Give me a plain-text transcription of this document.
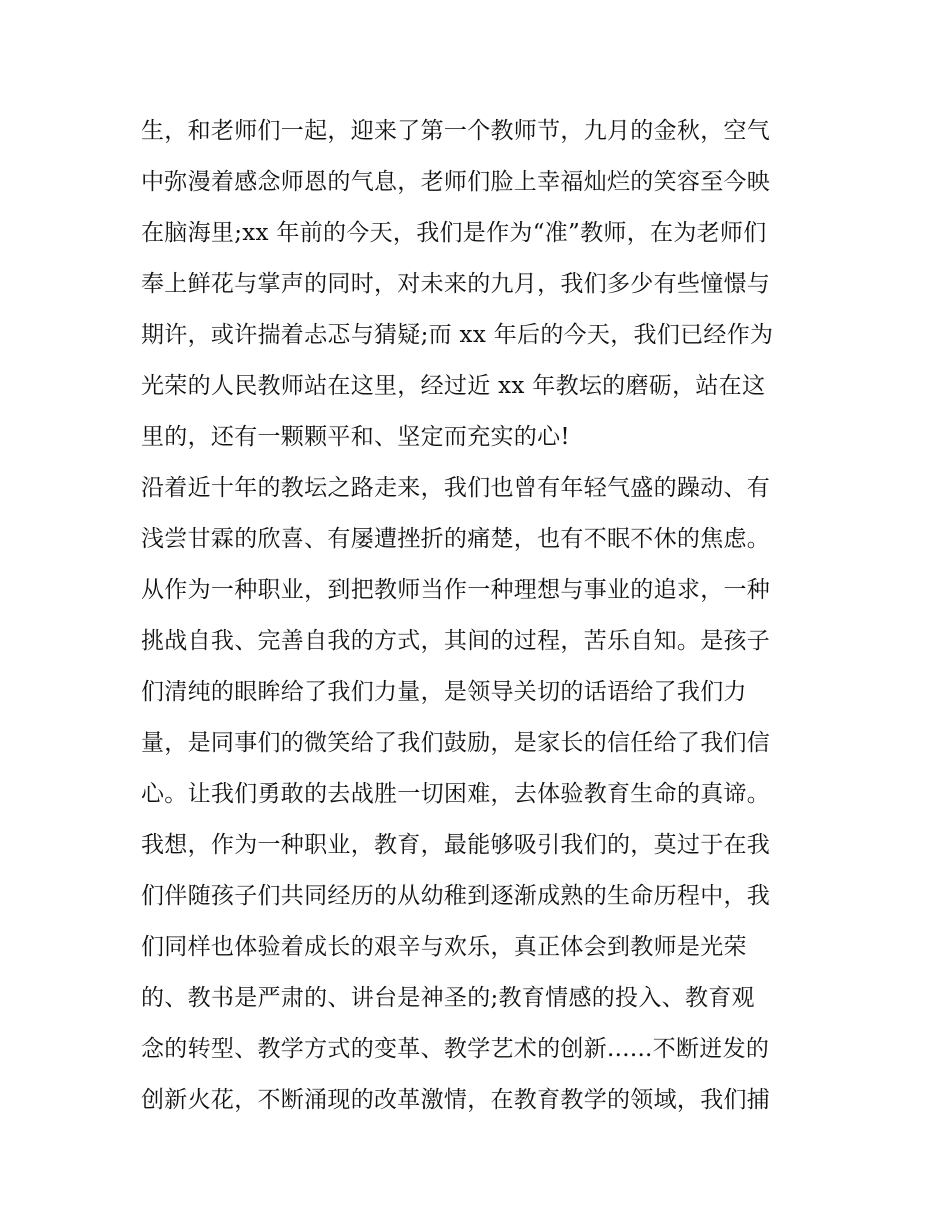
生，和老师们一起，迎来了第一个教师节，九月的金秋，空气
中弥漫着感念师恩的气息，老师们脸上幸福灿烂的笑容至今映
在脑海里;xx 年前的今天，我们是作为“准”教师，在为老师们
奉上鲜花与掌声的同时，对未来的九月，我们多少有些憧憬与
期许，或许揣着忐忑与猜疑;而 xx 年后的今天，我们已经作为
光荣的人民教师站在这里，经过近 xx 年教坛的磨砺，站在这
里的，还有一颗颗平和、坚定而充实的心!
沿着近十年的教坛之路走来，我们也曾有年轻气盛的躁动、有
浅尝甘霖的欣喜、有屡遭挫折的痛楚，也有不眠不休的焦虑。
从作为一种职业，到把教师当作一种理想与事业的追求，一种
挑战自我、完善自我的方式，其间的过程，苦乐自知。是孩子
们清纯的眼眸给了我们力量，是领导关切的话语给了我们力
量，是同事们的微笑给了我们鼓励，是家长的信任给了我们信
心。让我们勇敢的去战胜一切困难，去体验教育生命的真谛。
我想，作为一种职业，教育，最能够吸引我们的，莫过于在我
们伴随孩子们共同经历的从幼稚到逐渐成熟的生命历程中，我
们同样也体验着成长的艰辛与欢乐，真正体会到教师是光荣
的、教书是严肃的、讲台是神圣的;教育情感的投入、教育观
念的转型、教学方式的变革、教学艺术的创新......不断迸发的
创新火花，不断涌现的改革激情，在教育教学的领域，我们捕
